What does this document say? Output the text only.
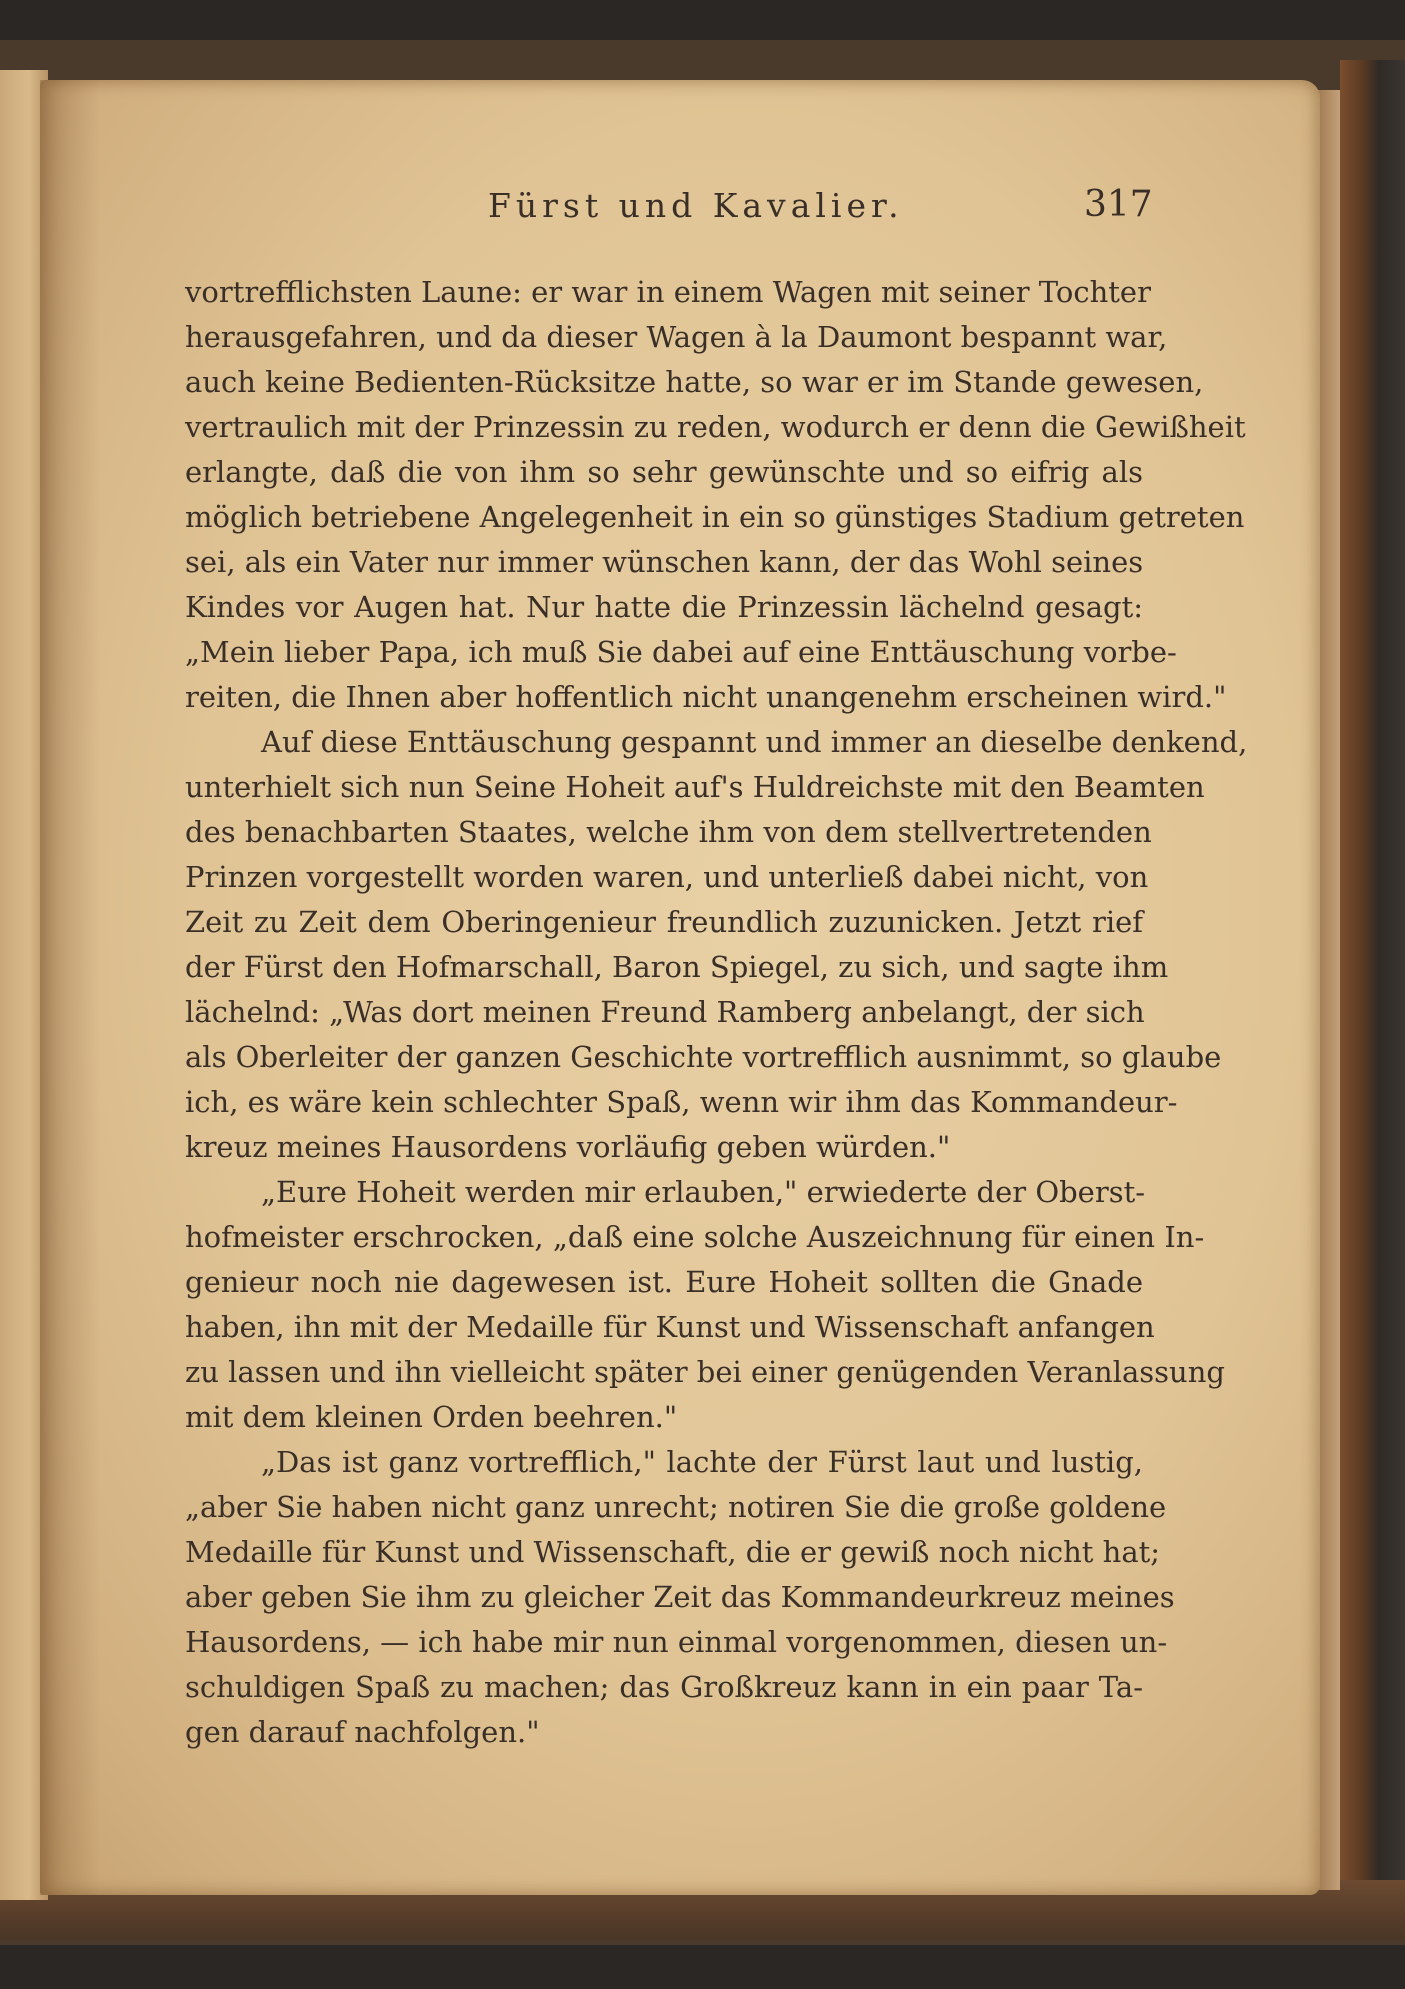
Fürst und Kavalier.	317
vortrefflichsten Laune: er war in einem Wagen mit seiner Tochter
herausgefahren, und da dieser Wagen à la Daumont bespannt war,
auch keine Bedienten-Rücksitze hatte, so war er im Stande gewesen,
vertraulich mit der Prinzessin zu reden, wodurch er denn die Gewißheit
erlangte, daß die von ihm so sehr gewünschte und so eifrig als
möglich betriebene Angelegenheit in ein so günstiges Stadium getreten
sei, als ein Vater nur immer wünschen kann, der das Wohl seines
Kindes vor Augen hat. Nur hatte die Prinzessin lächelnd gesagt:
„Mein lieber Papa, ich muß Sie dabei auf eine Enttäuschung vorbe-
reiten, die Ihnen aber hoffentlich nicht unangenehm erscheinen wird."
Auf diese Enttäuschung gespannt und immer an dieselbe denkend,
unterhielt sich nun Seine Hoheit auf's Huldreichste mit den Beamten
des benachbarten Staates, welche ihm von dem stellvertretenden
Prinzen vorgestellt worden waren, und unterließ dabei nicht, von
Zeit zu Zeit dem Oberingenieur freundlich zuzunicken. Jetzt rief
der Fürst den Hofmarschall, Baron Spiegel, zu sich, und sagte ihm
lächelnd: „Was dort meinen Freund Ramberg anbelangt, der sich
als Oberleiter der ganzen Geschichte vortrefflich ausnimmt, so glaube
ich, es wäre kein schlechter Spaß, wenn wir ihm das Kommandeur-
kreuz meines Hausordens vorläufig geben würden."
„Eure Hoheit werden mir erlauben," erwiederte der Oberst-
hofmeister erschrocken, „daß eine solche Auszeichnung für einen In-
genieur noch nie dagewesen ist. Eure Hoheit sollten die Gnade
haben, ihn mit der Medaille für Kunst und Wissenschaft anfangen
zu lassen und ihn vielleicht später bei einer genügenden Veranlassung
mit dem kleinen Orden beehren."
„Das ist ganz vortrefflich," lachte der Fürst laut und lustig,
„aber Sie haben nicht ganz unrecht; notiren Sie die große goldene
Medaille für Kunst und Wissenschaft, die er gewiß noch nicht hat;
aber geben Sie ihm zu gleicher Zeit das Kommandeurkreuz meines
Hausordens, — ich habe mir nun einmal vorgenommen, diesen un-
schuldigen Spaß zu machen; das Großkreuz kann in ein paar Ta-
gen darauf nachfolgen."
